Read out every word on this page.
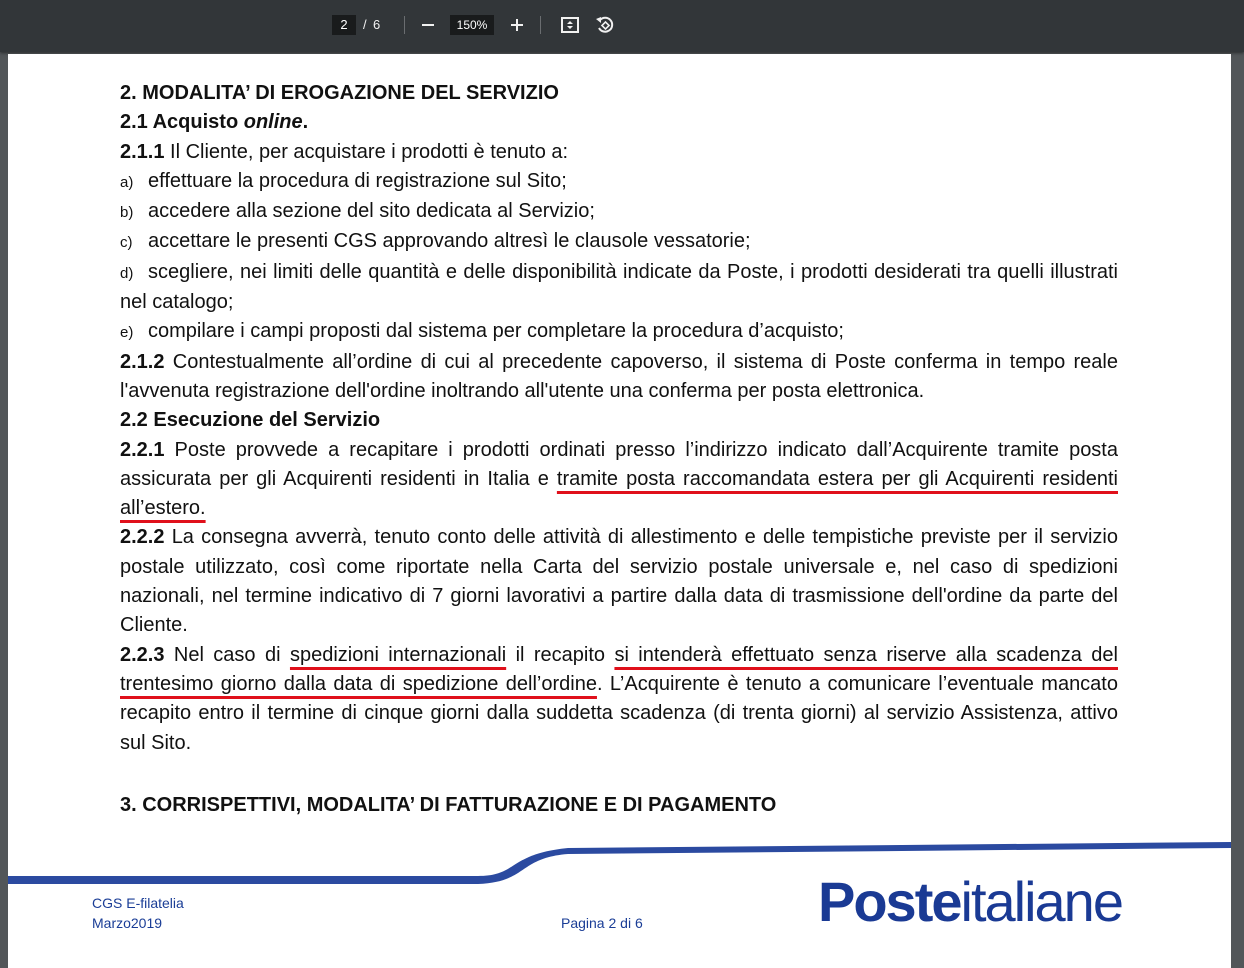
2	/ 6	150%

2. MODALITA’ DI EROGAZIONE DEL SERVIZIO

2.1 Acquisto online.

2.1.1 Il Cliente, per acquistare i prodotti è tenuto a:

a) effettuare la procedura di registrazione sul Sito;

b) accedere alla sezione del sito dedicata al Servizio;

c) accettare le presenti CGS approvando altresì le clausole vessatorie;

d) scegliere, nei limiti delle quantità e delle disponibilità indicate da Poste, i prodotti desiderati tra quelli illustrati nel catalogo;

e) compilare i campi proposti dal sistema per completare la procedura d’acquisto;

2.1.2 Contestualmente all’ordine di cui al precedente capoverso, il sistema di Poste conferma in tempo reale l'avvenuta registrazione dell'ordine inoltrando all'utente una conferma per posta elettronica.

2.2 Esecuzione del Servizio

2.2.1 Poste provvede a recapitare i prodotti ordinati presso l’indirizzo indicato dall’Acquirente tramite posta assicurata per gli Acquirenti residenti in Italia e tramite posta raccomandata estera per gli Acquirenti residenti all’estero.

2.2.2 La consegna avverrà, tenuto conto delle attività di allestimento e delle tempistiche previste per il servizio postale utilizzato, così come riportate nella Carta del servizio postale universale e, nel caso di spedizioni nazionali, nel termine indicativo di 7 giorni lavorativi a partire dalla data di trasmissione dell'ordine da parte del Cliente.

2.2.3 Nel caso di spedizioni internazionali il recapito si intenderà effettuato senza riserve alla scadenza del trentesimo giorno dalla data di spedizione dell’ordine. L’Acquirente è tenuto a comunicare l’eventuale mancato recapito entro il termine di cinque giorni dalla suddetta scadenza (di trenta giorni) al servizio Assistenza, attivo sul Sito.

3. CORRISPETTIVI, MODALITA’ DI FATTURAZIONE E DI PAGAMENTO

CGS E-filatelia
Marzo2019	Pagina 2 di 6	Posteitaliane
